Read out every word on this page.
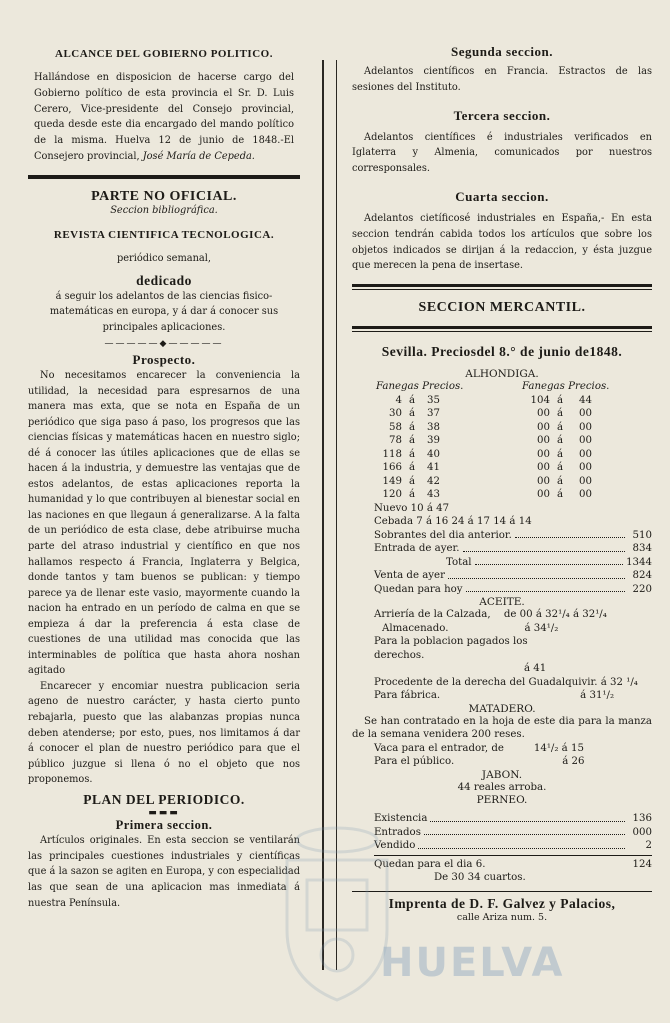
ALCANCE DEL GOBIERNO POLITICO.
Hallándose en disposicion de hacerse cargo del Gobierno político de esta provincia el Sr. D. Luis Cerero, Vice-presidente del Consejo provincial, queda desde este dia encargado del mando político de la misma. Huelva 12 de junio de 1848.-El Consejero provincial, José María de Cepeda.
PARTE NO OFICIAL.
Seccion bibliográfica.
REVISTA CIENTIFICA TECNOLOGICA.
periódico semanal,
dedicado
á seguir los adelantos de las ciencias fisico-matemáticas en europa, y á dar á conocer sus principales aplicaciones.
—————◆—————
Prospecto.
No necesitamos encarecer la conveniencia la utilidad, la necesidad para espresarnos de una manera mas exta, que se nota en España de un periódico que siga paso á paso, los progresos que las ciencias físicas y matemáticas hacen en nuestro siglo; dé á conocer las útiles aplicaciones que de ellas se hacen á la industria, y demuestre las ventajas que de estos adelantos, de estas aplicaciones reporta la humanidad y lo que contribuyen al bienestar social en las naciones en que llegaun á generalizarse. A la falta de un periódico de esta clase, debe atribuirse mucha parte del atraso industrial y científico en que nos hallamos respecto á Francia, Inglaterra y Belgica, donde tantos y tam buenos se publican: y tiempo parece ya de llenar este vasio, mayormente cuando la nacion ha entrado en un período de calma en que se empieza á dar la preferencia á esta clase de cuestiones de una utilidad mas conocida que las interminables de política que hasta ahora noshan agitado
Encarecer y encomiar nuestra publicacion seria ageno de nuestro carácter, y hasta cierto punto rebajarla, puesto que las alabanzas propias nunca deben atenderse; por esto, pues, nos limitamos á dar á conocer el plan de nuestro periódico para que el público juzgue si llena ó no el objeto que nos proponemos.
PLAN DEL PERIODICO.
▬▬▬
Primera seccion.
Artículos originales. En esta seccion se ventilarán las principales cuestiones industriales y científicas que á la sazon se agiten en Europa, y con especialidad las que sean de una aplicacion mas inmediata á nuestra Península.
Segunda seccion.
Adelantos científicos en Francia. Estractos de las sesiones del Instituto.
Tercera seccion.
Adelantos científices é industriales verificados en Iglaterra y Almenia, comunicados por nuestros corresponsales.
Cuarta seccion.
Adelantos cietíficosé industriales en España,- En esta seccion tendrán cabida todos los artículos que sobre los objetos indicados se dirijan á la redaccion, y ésta juzgue que merecen la pena de insertase.
SECCION MERCANTIL.
Sevilla. Preciosdel 8.° de junio de1848.
ALHONDIGA.
Fanegas Precios.	Fanegas Precios.
4 á	35	104 á	44
30 á	37	00 á	00
58 á	38	00 á	00
78 á	39	00 á	00
118 á	40	00 á	00
166 á	41	00 á	00
149 á	42	00 á	00
120 á	43	00 á	00
Nuevo 10 á 47
Cebada 7 á 16 24 á 17 14 á 14
Sobrantes del dia anterior.	510
Entrada de ayer.	834
Total	1344
Venta de ayer	824
Quedan para hoy	220
ACEITE.
Arriería de la Calzada, de 00 á 32¹/₄ á 32¹/₄
Almacenado.	á 34¹/₂
Para la poblacion pagados los derechos.
á 41
Procedente de la derecha del Guadalquivir. á 32 ¹/₄
Para fábrica.	á 31¹/₂
MATADERO.
Se han contratado en la hoja de este dia para la manza de la semana venidera 200 reses.
Vaca para el entrador, de	14¹/₂ á 15
Para el público.	á 26
JABON.
44 reales arroba.
PERNEO.
Existencia	136
Entrados	000
Vendido	2
Quedan para el dia 6.	124
De 30 34 cuartos.
Imprenta de D. F. Galvez y Palacios,
calle Ariza num. 5.
HUELVA
